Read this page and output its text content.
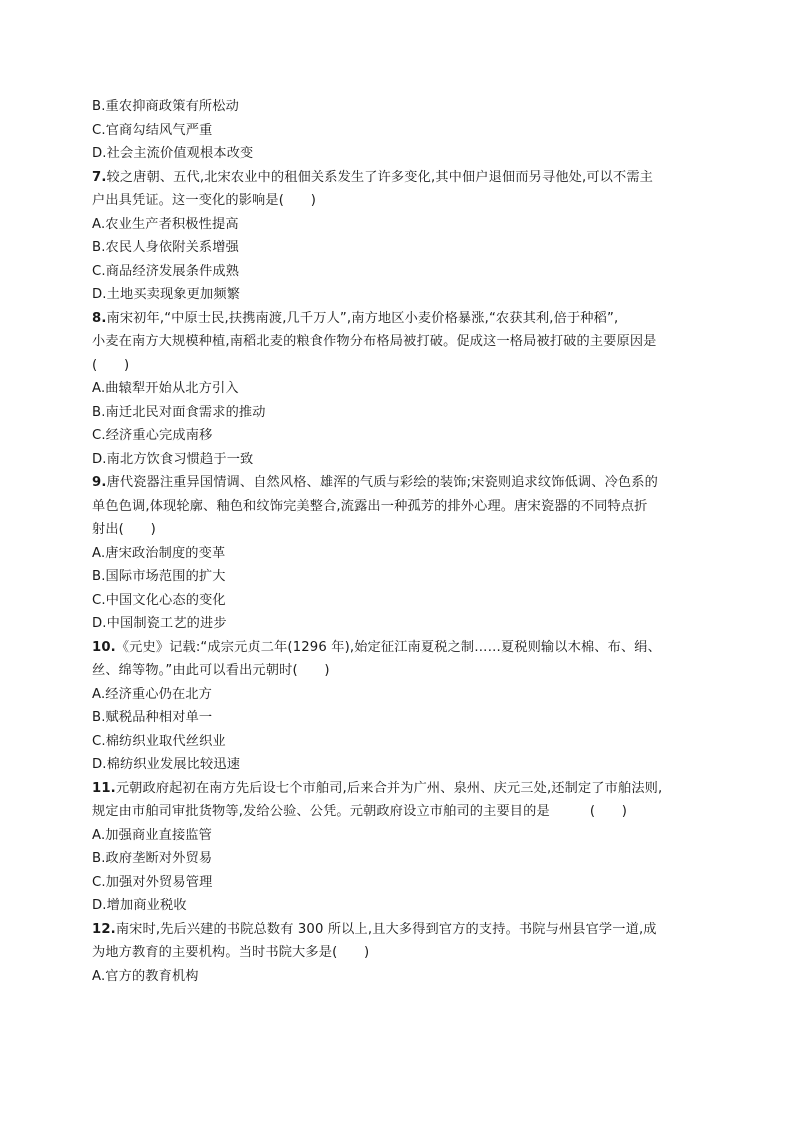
B.重农抑商政策有所松动
C.官商勾结风气严重
D.社会主流价值观根本改变
7.较之唐朝、五代,北宋农业中的租佃关系发生了许多变化,其中佃户退佃而另寻他处,可以不需主
户出具凭证。这一变化的影响是(　　)
A.农业生产者积极性提高
B.农民人身依附关系增强
C.商品经济发展条件成熟
D.土地买卖现象更加频繁
8.南宋初年,“中原士民,扶携南渡,几千万人”,南方地区小麦价格暴涨,“农获其利,倍于种稻”,
小麦在南方大规模种植,南稻北麦的粮食作物分布格局被打破。促成这一格局被打破的主要原因是
(　　)
A.曲辕犁开始从北方引入
B.南迁北民对面食需求的推动
C.经济重心完成南移
D.南北方饮食习惯趋于一致
9.唐代瓷器注重异国情调、自然风格、雄浑的气质与彩绘的装饰;宋瓷则追求纹饰低调、冷色系的
单色色调,体现轮廓、釉色和纹饰完美整合,流露出一种孤芳的排外心理。唐宋瓷器的不同特点折
射出(　　)
A.唐宋政治制度的变革
B.国际市场范围的扩大
C.中国文化心态的变化
D.中国制瓷工艺的进步
10.《元史》记载:“成宗元贞二年(1296 年),始定征江南夏税之制……夏税则输以木棉、布、绢、
丝、绵等物。”由此可以看出元朝时(　　)
A.经济重心仍在北方
B.赋税品种相对单一
C.棉纺织业取代丝织业
D.棉纺织业发展比较迅速
11.元朝政府起初在南方先后设七个市舶司,后来合并为广州、泉州、庆元三处,还制定了市舶法则,
规定由市舶司审批货物等,发给公验、公凭。元朝政府设立市舶司的主要目的是　　　(　　)
A.加强商业直接监管
B.政府垄断对外贸易
C.加强对外贸易管理
D.增加商业税收
12.南宋时,先后兴建的书院总数有 300 所以上,且大多得到官方的支持。书院与州县官学一道,成
为地方教育的主要机构。当时书院大多是(　　)
A.官方的教育机构
